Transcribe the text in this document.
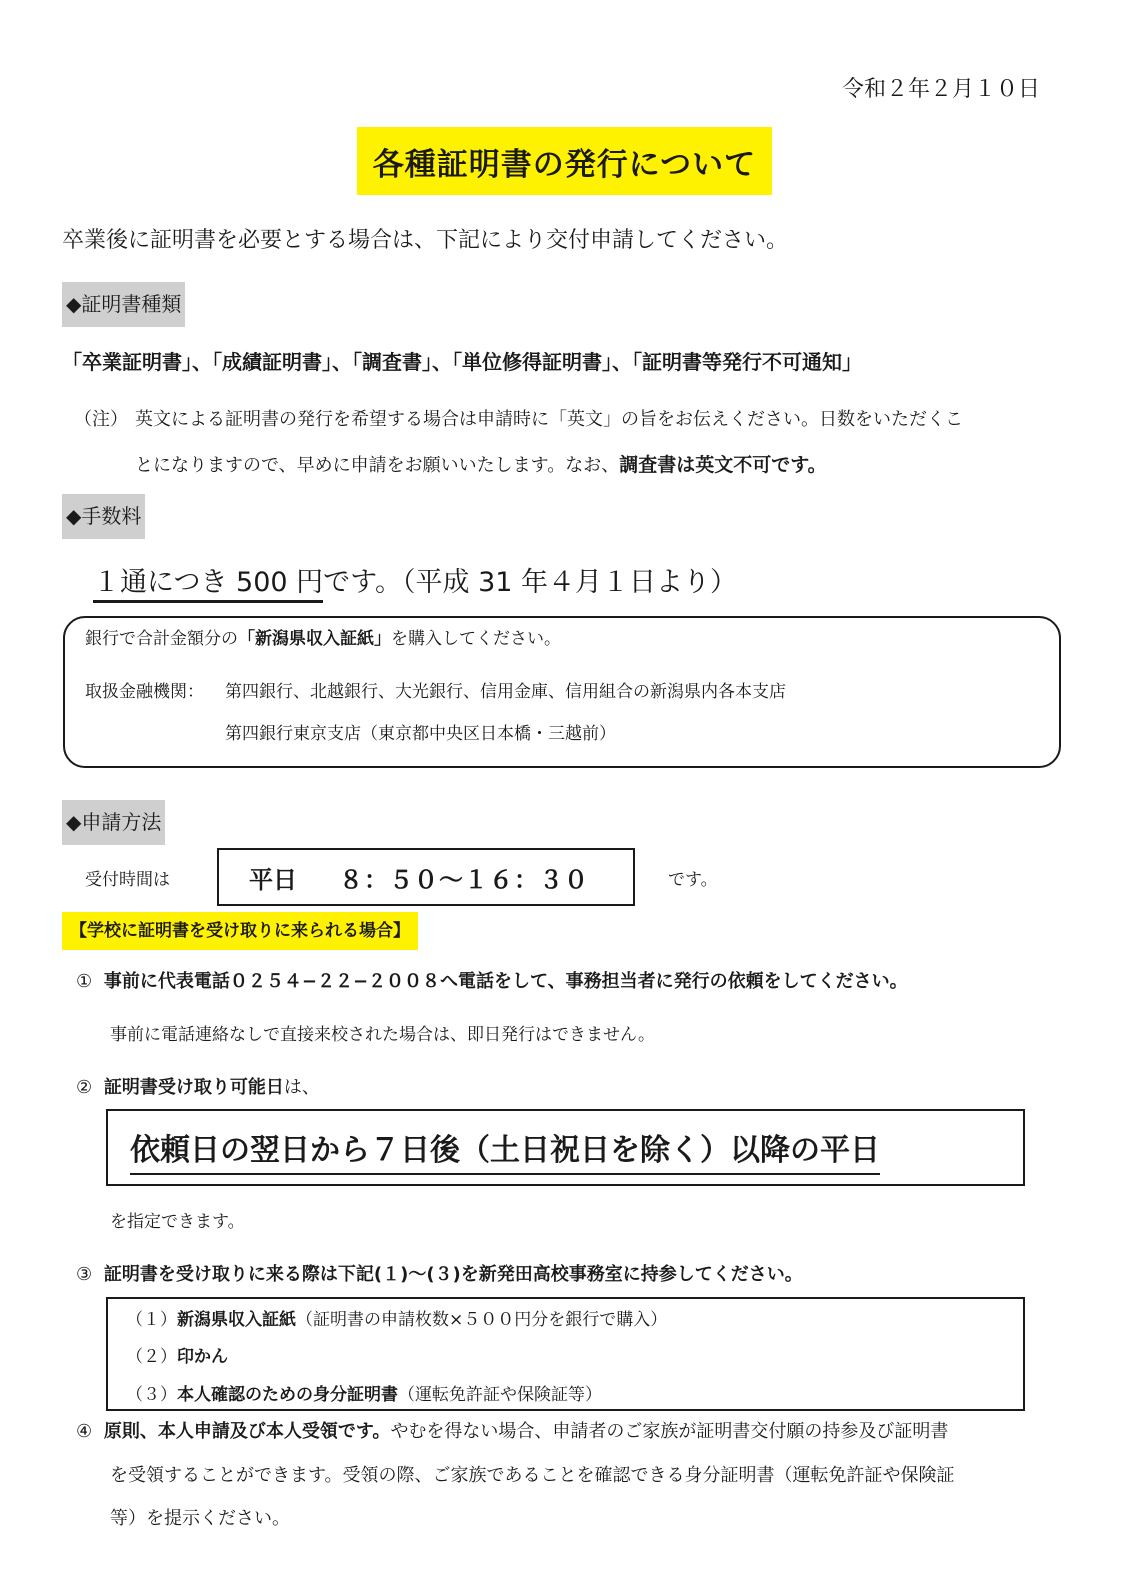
令和２年２月１０日
各種証明書の発行について
卒業後に証明書を必要とする場合は、下記により交付申請してください。
◆証明書種類
「卒業証明書」、「成績証明書」、「調査書」、「単位修得証明書」、「証明書等発行不可通知」
（注） 英文による証明書の発行を希望する場合は申請時に「英文」の旨をお伝えください。日数をいただくこ
とになりますので、早めに申請をお願いいたします。なお、調査書は英文不可です。
◆手数料
１通につき 500 円です。（平成 31 年４月１日より）
銀行で合計金額分の「新潟県収入証紙」を購入してください。
取扱金融機関： 第四銀行、北越銀行、大光銀行、信用金庫、信用組合の新潟県内各本支店
第四銀行東京支店（東京都中央区日本橋・三越前）
◆申請方法
受付時間は	平日 ８：５０〜１６：３０	です。
【学校に証明書を受け取りに来られる場合】
① 事前に代表電話０２５４−２２−２００８へ電話をして、事務担当者に発行の依頼をしてください。
事前に電話連絡なしで直接来校された場合は、即日発行はできません。
② 証明書受け取り可能日は、
依頼日の翌日から７日後（土日祝日を除く）以降の平日
を指定できます。
③ 証明書を受け取りに来る際は下記(１)〜(３)を新発田高校事務室に持参してください。
（１）新潟県収入証紙（証明書の申請枚数×５００円分を銀行で購入）
（２）印かん
（３）本人確認のための身分証明書（運転免許証や保険証等）
④ 原則、本人申請及び本人受領です。やむを得ない場合、申請者のご家族が証明書交付願の持参及び証明書
を受領することができます。受領の際、ご家族であることを確認できる身分証明書（運転免許証や保険証
等）を提示ください。
